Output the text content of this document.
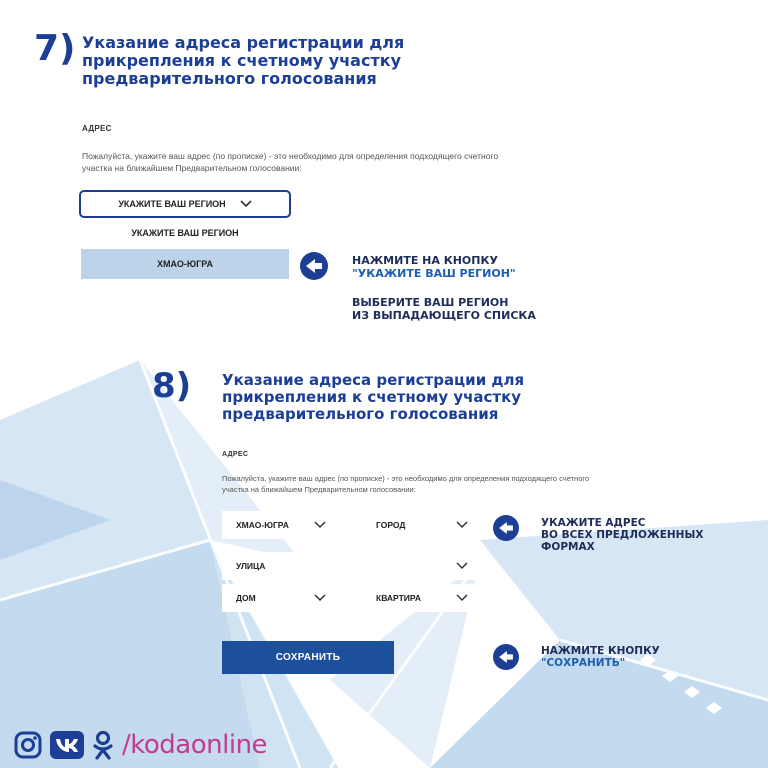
7) Указание адреса регистрации для
прикрепления к счетному участку
предварительного голосования
АДРЕС
Пожалуйста, укажите ваш адрес (по прописке) - это необходимо для определения подходящего счетного
участка на ближайшем Предварительном голосовании:
УКАЖИТЕ ВАШ РЕГИОН
УКАЖИТЕ ВАШ РЕГИОН
ХМАО-ЮГРА	НАЖМИТЕ НА КНОПКУ
"УКАЖИТЕ ВАШ РЕГИОН"
ВЫБЕРИТЕ ВАШ РЕГИОН
ИЗ ВЫПАДАЮЩЕГО СПИСКА
8) Указание адреса регистрации для
прикрепления к счетному участку
предварительного голосования
АДРЕС
Пожалуйста, укажите ваш адрес (по прописке) - это необходимо для определения подходящего счетного
участка на ближайшем Предварительном голосовании:
ХМАО-ЮГРА	ГОРОД
УЛИЦА
ДОМ	КВАРТИРА
СОХРАНИТЬ
УКАЖИТЕ АДРЕС
ВО ВСЕХ ПРЕДЛОЖЕННЫХ
ФОРМАХ
НАЖМИТЕ КНОПКУ
"СОХРАНИТЬ"
/kodaonline
